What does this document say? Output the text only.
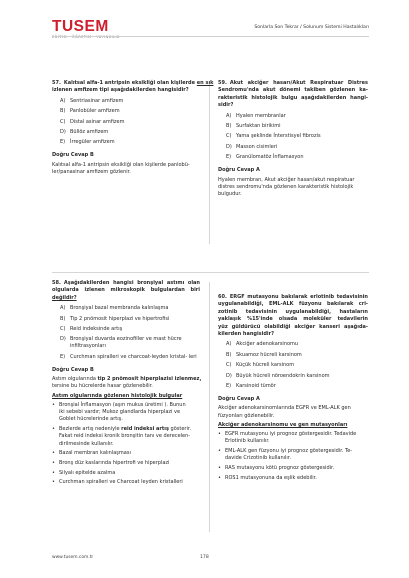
TUSEM
EĞİTİM · ÖĞRETİM · YAYINCILIK
Sonlarla Son Tekrar / Solunum Sistemi Hastalıkları
57. Kalıtsal alfa-1 antripsin eksikliği olan kişilerde en sık
izlenen amfizem tipi aşağıdakilerden hangisidir?
A) Sentriasinar amfizem
B) Panlobüler amfizem
C) Distal asinar amfizem
D) Büllöz amfizem
E) İrregüler amfizem
Doğru Cevap B
Kalıtsal alfa-1 antripsin eksikliği olan kişilerde panlobü-
ler/panasinar amfizem gözlenir.
59. Akut akciğer hasarı/Akut Respiratuar Distres
Sendromu'nda akut dönemi takiben gözlenen ka-
rakteristik histolojik bulgu aşağıdakilerden hangi-
sidir?
A) Hyalen membranlar
B) Surfaktan birikimi
C) Yama şeklinde İnterstisyel fibrozis
D) Masson cisimleri
E) Granülomatöz İnflamasyon
Doğru Cevap A
Hyalen membran, Akut akciğer hasarı/akut respiratuar
distres sendromu'nda gözlenen karakteristik histolojik
bulgudur.
58. Aşağıdakilerden hangisi bronşiyal astımı olan
olgularda izlenen mikroskopik bulgulardan biri
değildir?
A) Bronşiyal bazal membranda kalınlaşma
B) Tip 2 pnömosit hiperplazi ve hipertrofisi
C) Reid indeksinde artış
D) Bronşiyal duvarda eozinofiller ve mast hücre infiltrasyonları
E) Curchman spiralleri ve charcoat-leyden kristal- leri
Doğru Cevap B
Astım olgularında tip 2 pnömosit hiperplazisi izlenmez,
tersine bu hücrelerde hasar gözlenebilir.
Astım olgularında gözlenen histolojik bulgular
• Bronşial İnflamasyon (aşırı mukus üretimi ). Bunun
iki sebebi vardır; Mukoz glandlarda hiperplazi ve
Goblet hücrelerinde artış.
• Bezlerde artış nedeniyle reid indeksi artış gösterir.
Fakat reid indeksi kronik bronşitin tanı ve derecelen-
dirilmesinde kullanılır.
• Bazal membran kalınlaşması
• Bronş düz kaslarında hipertrofi ve hiperplazi
• Silyalı epitelde azalma
• Curchman spiralleri ve Charcoat leyden kristalleri
60. ERGF mutasyonu bakılarak erlotinib tedavisinin
uygulanabildiği, EML-ALK füzyonu bakılarak cri-
zotinib tedavisinin uygulanabildiği, hastaların
yaklaşık %15'inde olsada moleküler tedavilerin
yüz güldürücü olabildiği akciğer kanseri aşağıda-
kilerden hangisidir?
A) Akciğer adenokarsinomu
B) Skuamoz hücreli karsinom
C) Küçük hücreli karsinom
D) Büyük hücreli nöroendokrin karsinom
E) Karsinoid tümör
Doğru Cevap A
Akciğer adenokarsinomlarında EGFR ve EML-ALK gen
füzyonları gözlenebilir.
Akciğer adenokarsinomu ve gen mutasyonları
• EGFR mutasyonu iyi prognoz göstergesidir. Tedavide
Erlotinib kullanılır.
• EML-ALK gen füzyonu iyi prognoz göstergesidir. Te-
davide Crizotinib kullanılır.
• RAS mutasyonu kötü prognoz göstergesidir.
• ROS1 mutasyonuna da eşlik edebilir.
www.tusem.com.tr	178
